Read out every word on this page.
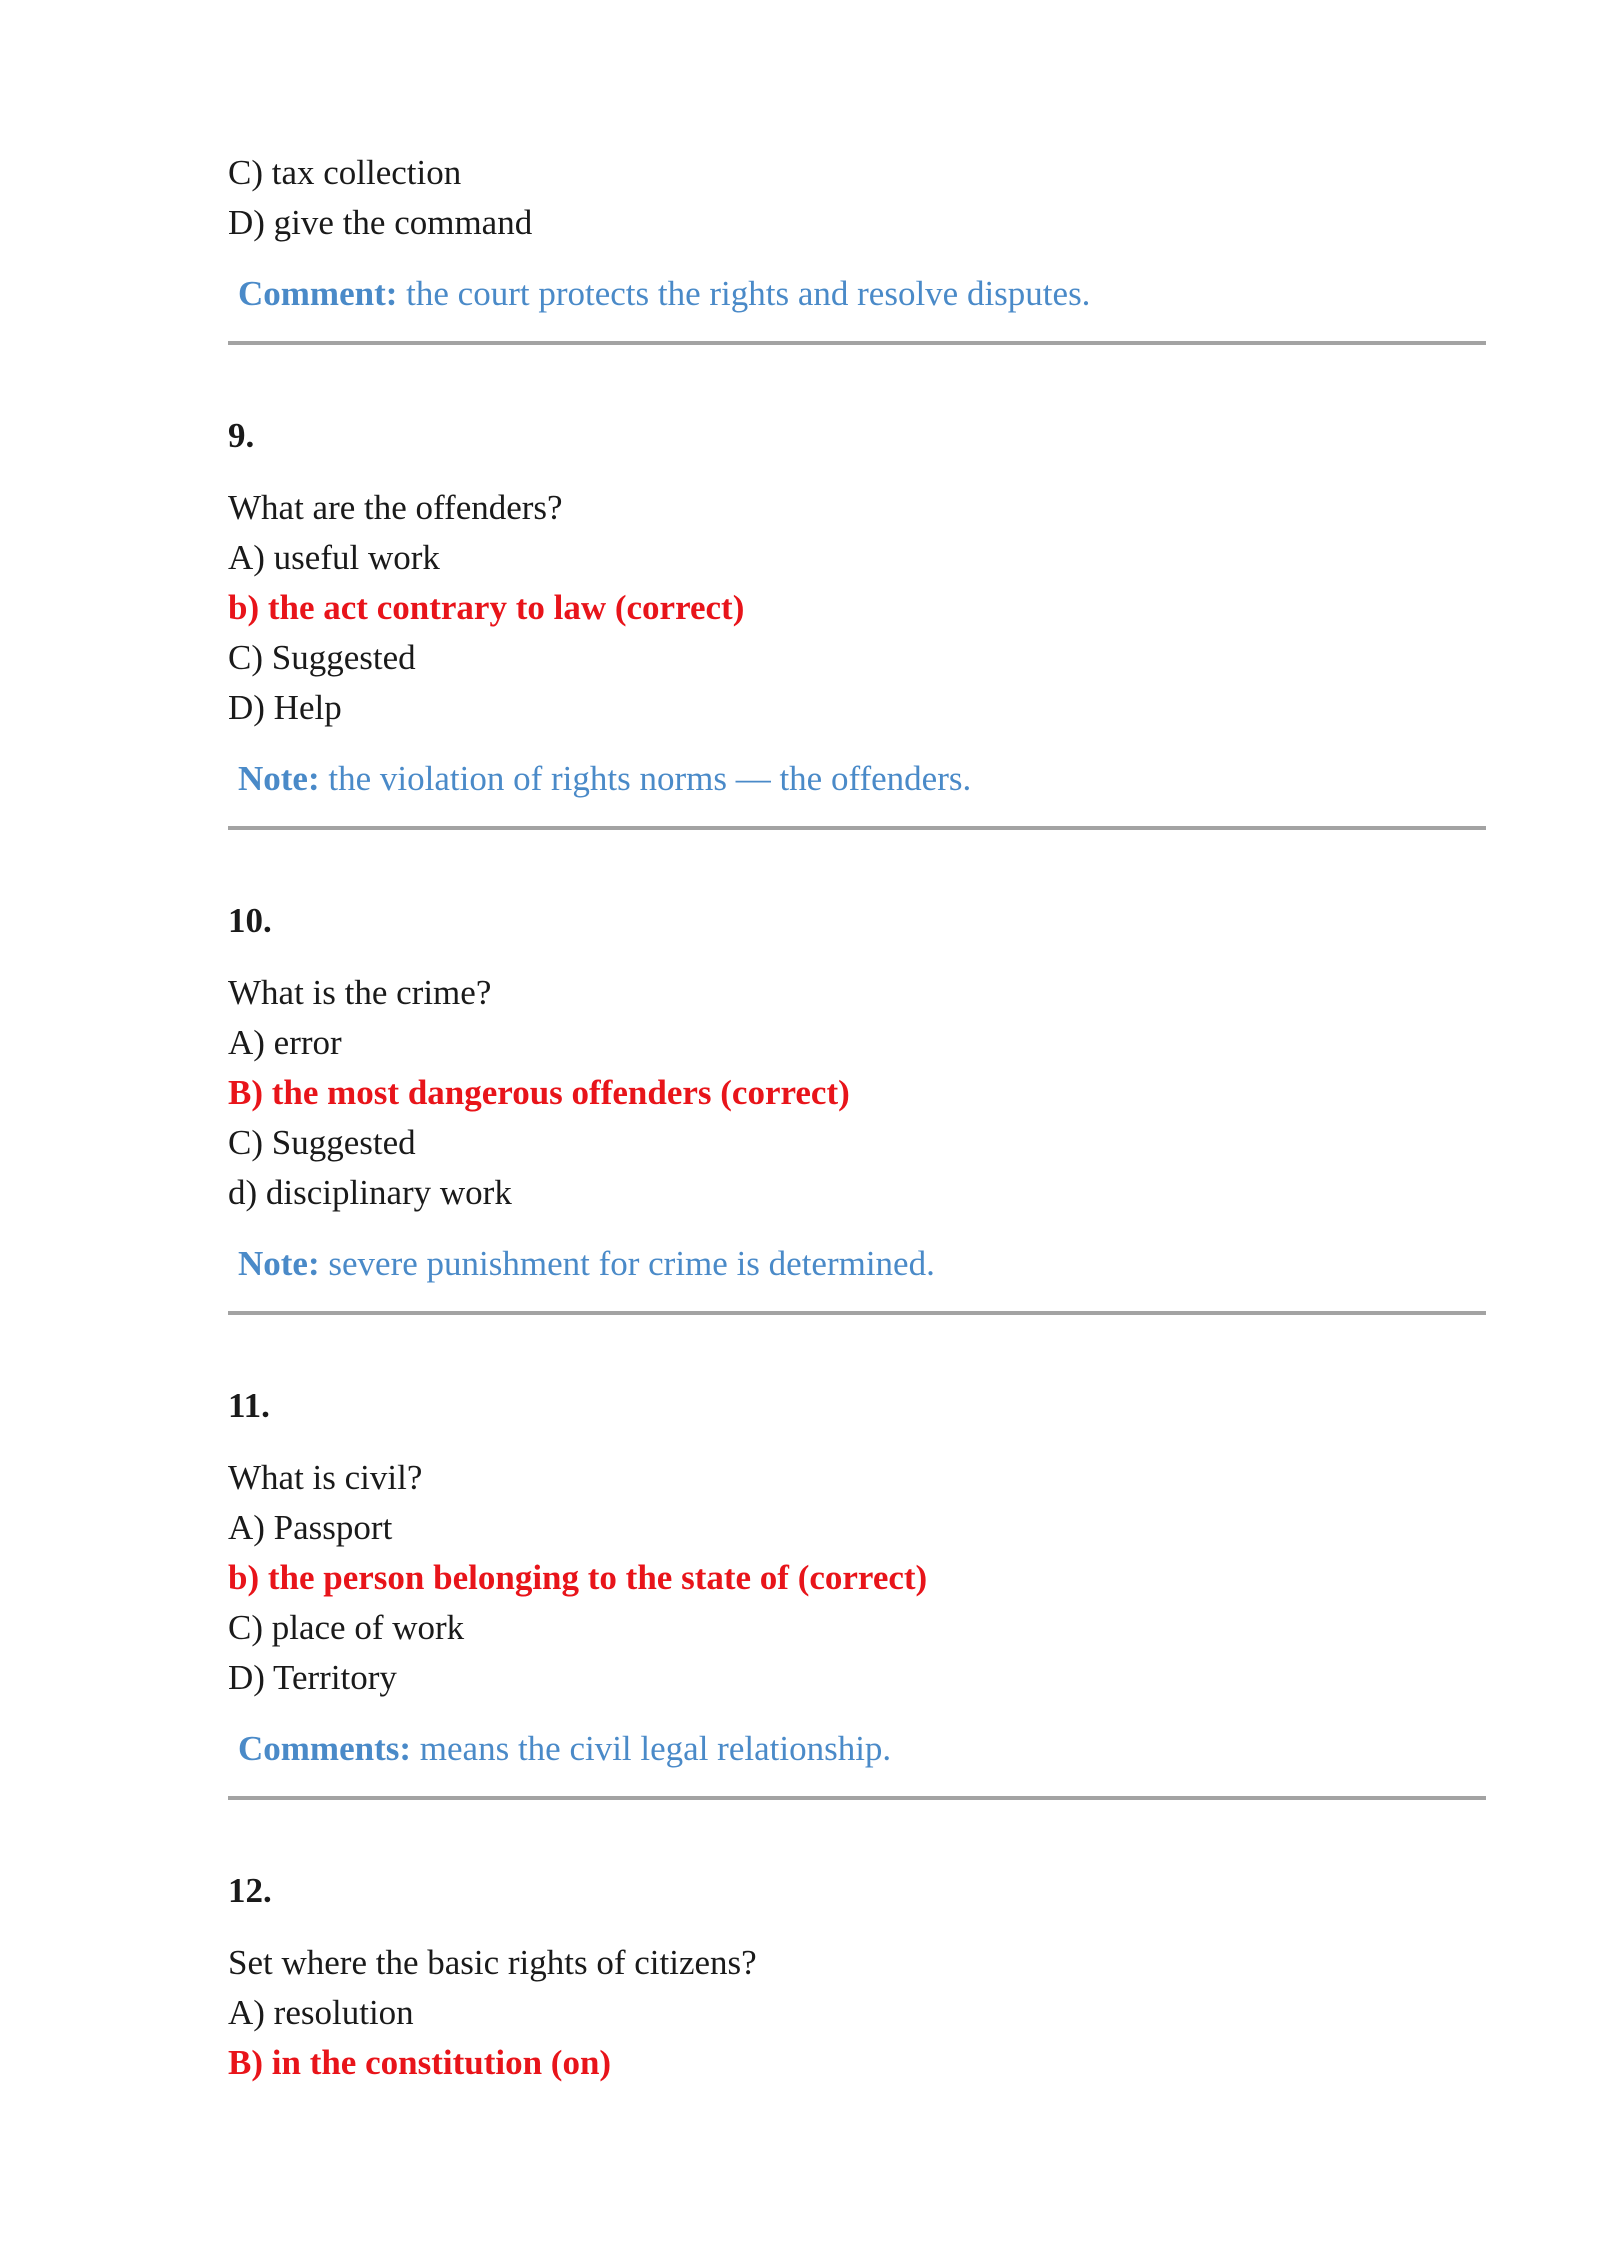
C) tax collection
D) give the command
Comment: the court protects the rights and resolve disputes.
9.
What are the offenders?
A) useful work
b) the act contrary to law (correct)
C) Suggested
D) Help
Note: the violation of rights norms — the offenders.
10.
What is the crime?
A) error
B) the most dangerous offenders (correct)
C) Suggested
d) disciplinary work
Note: severe punishment for crime is determined.
11.
What is civil?
A) Passport
b) the person belonging to the state of (correct)
C) place of work
D) Territory
Comments: means the civil legal relationship.
12.
Set where the basic rights of citizens?
A) resolution
B) in the constitution (on)
